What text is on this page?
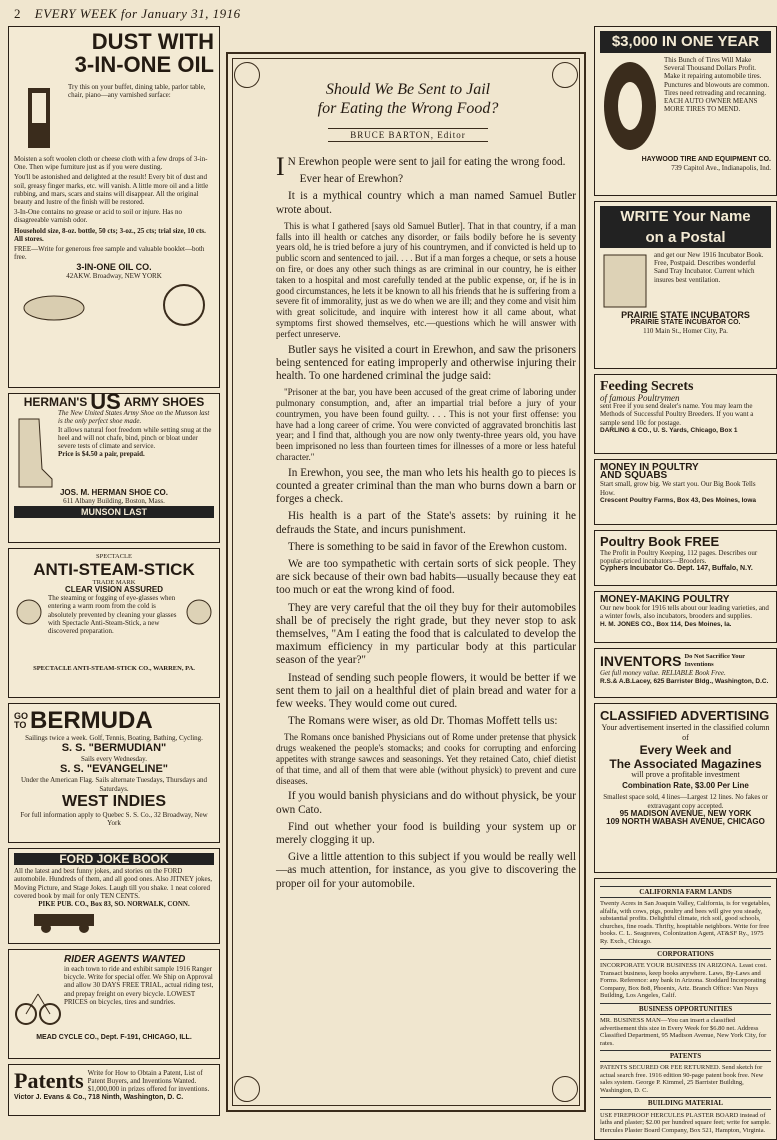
2 EVERY WEEK for January 31, 1916
DUST WITH
3-IN-ONE OIL
Try this on your buffet, dining table, parlor table, chair, piano—any varnished surface:

Moisten a soft woolen cloth or cheese cloth with a few drops of 3-in-One. Then wipe furniture just as if you were dusting.

You'll be astonished and delighted at the result! Every bit of dust and soil, greasy finger marks, etc. will vanish. A little more oil and a little rubbing, and mars, scars and stains will disappear. All the original beauty and lustre of the finish will be restored.

3-In-One contains no grease or acid to soil or injure. Has no disagreeable varnish odor.

Household size, 8-oz. bottle, 50 cts; 3-oz., 25 cts; trial size, 10 cts. All stores.

FREE—Write for generous free sample and valuable booklet—both free.

3-IN-ONE OIL CO.
42AKW. Broadway, NEW YORK
HERMAN'S US ARMY SHOES
The New United States Army Shoe on the Munson last is the only perfect shoe made.
It allows natural foot freedom while setting snug at the heel and will not chafe, bind, pinch or bloat under severe tests of climate and service.
Price is $4.50 a pair, prepaid.
JOS. M. HERMAN SHOE CO.
611 Albany Building, Boston, Mass.
MUNSON LAST
SPECTACLE
ANTI-STEAM-STICK
TRADE MARK
CLEAR VISION ASSURED
The steaming or fogging of eye-glasses when entering a warm room from the cold is absolutely prevented by cleaning your glasses with Spectacle Anti-Steam-Stick, a new discovered preparation.
SPECTACLE ANTI-STEAM-STICK CO., WARREN, PA.
GO TO BERMUDA
Sailings twice a week. Golf, Tennis, Boating, Bathing, Cycling.
S. S. "BERMUDIAN"
Sails every Wednesday.
S. S. "EVANGELINE"
Under the American Flag. Sails alternate Tuesdays, Thursdays and Saturdays.
WEST INDIES
For full information apply to Quebec S. S. Co., 32 Broadway, New York
FORD JOKE BOOK
All the latest and best funny jokes, and stories on the FORD automobile. Hundreds of them, and all good ones. Also JITNEY jokes, Moving Picture, and Stage Jokes. Laugh till you shake. 1 neat colored covered book by mail for only TEN CENTS.
PIKE PUB. CO., Box 83, SO. NORWALK, CONN.
RIDER AGENTS WANTED
in each town to ride and exhibit sample 1916 Ranger bicycle. Write for special offer. We Ship on Approval and allow 30 DAYS FREE TRIAL, actual riding test, and prepay freight on every bicycle. LOWEST PRICES on bicycles, tires and sundries.
MEAD CYCLE CO., Dept. F-191, CHICAGO, ILL.
Patents Write for How to Obtain a Patent, List of Patent Buyers, and Inventions Wanted. $1,000,000 in prizes offered for inventions.
Victor J. Evans & Co., 718 Ninth, Washington, D. C.
Should We Be Sent to Jail
for Eating the Wrong Food?
BRUCE BARTON, Editor

I N Erewhon people were sent to jail for eating the wrong food.

Ever hear of Erewhon?

It is a mythical country which a man named Samuel Butler wrote about.

This is what I gathered [says old Samuel Butler]. That in that country, if a man falls into ill health or catches any disorder, or fails bodily before he is seventy years old, he is tried before a jury of his countrymen, and if convicted is held up to public scorn and sentenced to jail. . . . But if a man forges a cheque, or sets a house on fire, or does any other such things as are criminal in our country, he is either taken to a hospital and most carefully tended at the public expense, or, if he is in good circumstances, he lets it be known to all his friends that he is suffering from a severe fit of immorality, just as we do when we are ill; and they come and visit him with great solicitude, and inquire with interest how it all came about, what symptoms first showed themselves, etc.—questions which he will answer with perfect unreserve.

Butler says he visited a court in Erewhon, and saw the prisoners being sentenced for eating improperly and otherwise injuring their health. To one hardened criminal the judge said:

"Prisoner at the bar, you have been accused of the great crime of laboring under pulmonary consumption, and, after an impartial trial before a jury of your countrymen, you have been found guilty. . . . This is not your first offense: you have had a long career of crime. You were convicted of aggravated bronchitis last year; and I find that, although you are now only twenty-three years old, you have been imprisoned no less than fourteen times for illnesses of a more or less hateful character."

In Erewhon, you see, the man who lets his health go to pieces is counted a greater criminal than the man who burns down a barn or forges a check.

His health is a part of the State's assets: by ruining it he defrauds the State, and incurs punishment.

There is something to be said in favor of the Erewhon custom.

We are too sympathetic with certain sorts of sick people. They are sick because of their own bad habits—usually because they eat too much or eat the wrong kind of food.

They are very careful that the oil they buy for their automobiles shall be of precisely the right grade, but they never stop to ask themselves, "Am I eating the food that is calculated to develop the maximum efficiency in my particular body at this particular season of the year?"

Instead of sending such people flowers, it would be better if we sent them to jail on a healthful diet of plain bread and water for a few weeks. They would come out cured.

The Romans were wiser, as old Dr. Thomas Moffett tells us:

The Romans once banished Physicians out of Rome under pretense that physick drugs weakened the people's stomacks; and cooks for corrupting and enforcing appetites with strange sawces and seasonings. Yet they retained Cato, chief dietist of that time, and all of them that were able (without physick) to prevent and cure diseases.

If you would banish physicians and do without physick, be your own Cato.

Find out whether your food is building your system up or merely clogging it up.

Give a little attention to this subject if you would be really well—as much attention, for instance, as you give to discovering the proper oil for your automobile.

$3,000 IN ONE YEAR
This Bunch of Tires Will Make Several Thousand Dollars Profit. Make it repairing automobile tires. Punctures and blowouts are common. Tires need retreading and recanning. EACH AUTO OWNER MEANS MORE TIRES TO MEND.
HAYWOOD TIRE AND EQUIPMENT CO.
739 Capitol Ave., Indianapolis, Ind.
WRITE Your Name
on a Postal
and get our New 1916 Incubator Book. Free, Postpaid. Describes wonderful Sand Tray Incubator. Current which insures best ventilation.
PRAIRIE STATE INCUBATORS
PRAIRIE STATE INCUBATOR CO.
110 Main St., Homer City, Pa.
Feeding Secrets
of famous Poultrymen
sent Free if you send dealer's name. You may learn the Methods of Successful Poultry Breeders. If you want a sample send 10c for postage.
DARLING & CO., U. S. Yards, Chicago, Box 1
MONEY IN POULTRY
AND SQUABS
Start small, grow big. We start you. Our Big Book Tells How.
Crescent Poultry Farms, Box 43, Des Moines, Iowa
Poultry Book FREE
The Profit in Poultry Keeping, 112 pages. Describes our popular-priced incubators—Brooders.
Cyphers Incubator Co. Dept. 147, Buffalo, N.Y.
MONEY-MAKING POULTRY
Our new book for 1916 tells about our leading varieties, and a winter fowls, also incubators, brooders and supplies.
H. M. JONES CO., Box 114, Des Moines, Ia.
INVENTORS Do Not Sacrifice Your Inventions
Get full money value. RELIABLE Book Free.
R.S.& A.B.Lacey, 625 Barrister Bldg., Washington, D.C.
CLASSIFIED ADVERTISING
Your advertisement inserted in the classified column of
Every Week and
The Associated Magazines
will prove a profitable investment
Combination Rate, $3.00 Per Line
Smallest space sold, 4 lines—Largest 12 lines. No fakes or extravagant copy accepted.
95 MADISON AVENUE, NEW YORK
109 NORTH WABASH AVENUE, CHICAGO
CALIFORNIA FARM LANDS
Twenty Acres in San Joaquin Valley, California, is for vegetables, alfalfa, with cows, pigs, poultry and bees will give you steady, substantial profits. Delightful climate, rich soil, good schools, churches, fine roads. Thrifty, hospitable neighbors. Write for free books. C. L. Seagraves, Colonization Agent, AT&SF Ry., 1975 Ry. Exch., Chicago.
CORPORATIONS
INCORPORATE YOUR BUSINESS IN ARIZONA. Least cost. Transact business, keep books anywhere. Laws, By-Laws and Forms. Reference: any bank in Arizona. Stoddard Incorporating Company, Box 8o8, Phoenix, Ariz. Branch Office: Van Nuys Building, Los Angeles, Calif.
BUSINESS OPPORTUNITIES
MR. BUSINESS MAN—You can insert a classified advertisement this size in Every Week for $6.80 net. Address Classified Department, 95 Madison Avenue, New York City, for rates.
PATENTS
PATENTS SECURED OR FEE RETURNED. Send sketch for actual search free. 1916 edition 90-page patent book free. New sales system. George P. Kimmel, 25 Barrister Building, Washington, D. C.
BUILDING MATERIAL
USE FIREPROOF HERCULES PLASTER BOARD instead of laths and plaster; $2.00 per hundred square feet; write for sample. Hercules Plaster Board Company, Box 521, Hampton, Virginia.
